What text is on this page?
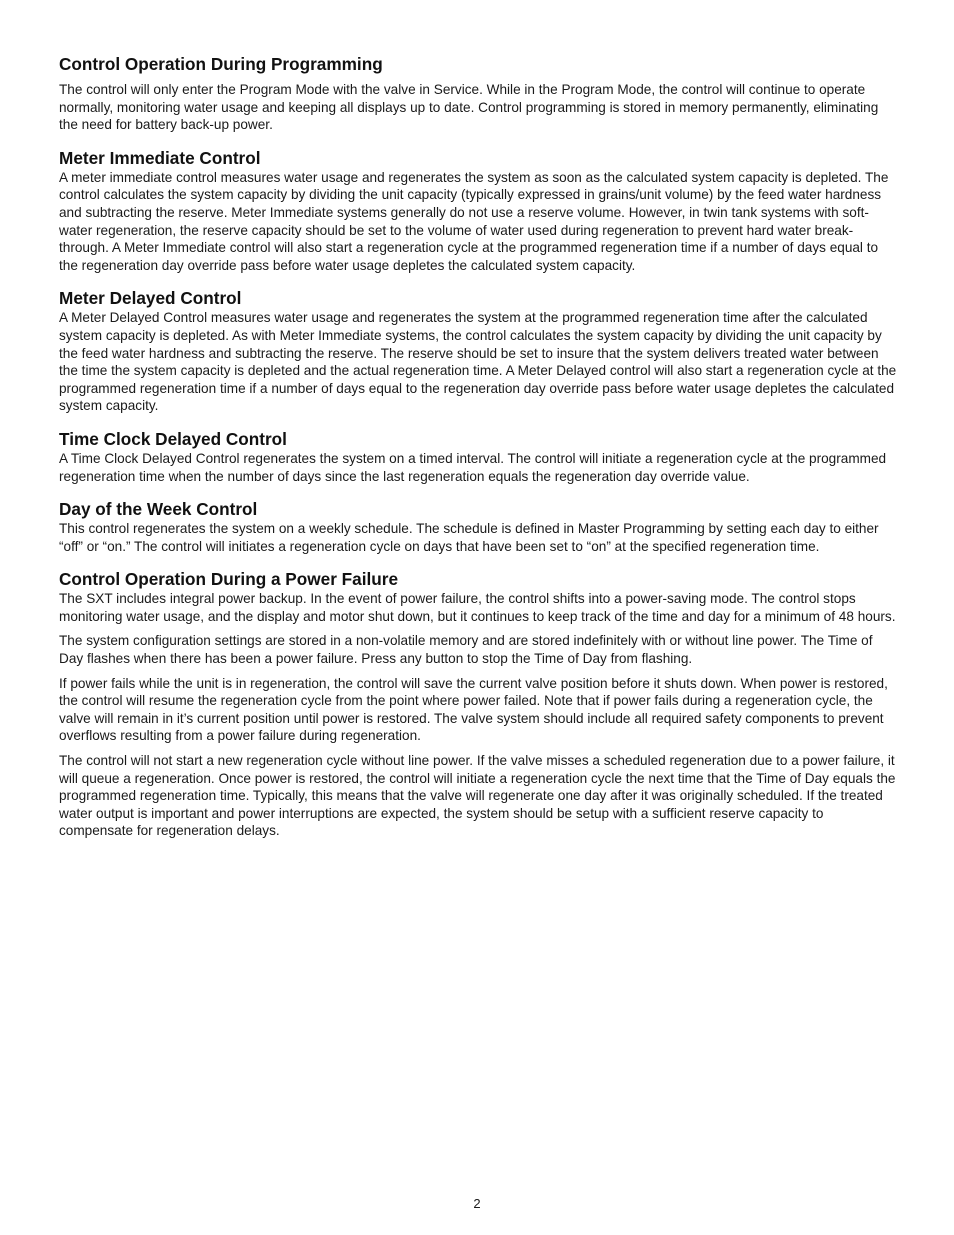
Control Operation During Programming

The control will only enter the Program Mode with the valve in Service. While in the Program Mode, the control will continue to operate normally, monitoring water usage and keeping all displays up to date. Control programming is stored in memory permanently, eliminating the need for battery back-up power.

Meter Immediate Control

A meter immediate control measures water usage and regenerates the system as soon as the calculated system capacity is depleted. The control calculates the system capacity by dividing the unit capacity (typically expressed in grains/unit volume) by the feed water hardness and subtracting the reserve. Meter Immediate systems generally do not use a reserve volume. However, in twin tank systems with soft-water regeneration, the reserve capacity should be set to the volume of water used during regeneration to prevent hard water break-through. A Meter Immediate control will also start a regeneration cycle at the programmed regeneration time if a number of days equal to the regeneration day override pass before water usage depletes the calculated system capacity.

Meter Delayed Control

A Meter Delayed Control measures water usage and regenerates the system at the programmed regeneration time after the calculated system capacity is depleted. As with Meter Immediate systems, the control calculates the system capacity by dividing the unit capacity by the feed water hardness and subtracting the reserve. The reserve should be set to insure that the system delivers treated water between the time the system capacity is depleted and the actual regeneration time. A Meter Delayed control will also start a regeneration cycle at the programmed regeneration time if a number of days equal to the regeneration day override pass before water usage depletes the calculated system capacity.

Time Clock Delayed Control

A Time Clock Delayed Control regenerates the system on a timed interval. The control will initiate a regeneration cycle at the programmed regeneration time when the number of days since the last regeneration equals the regeneration day override value.

Day of the Week Control

This control regenerates the system on a weekly schedule. The schedule is defined in Master Programming by setting each day to either “off” or “on.” The control will initiates a regeneration cycle on days that have been set to “on” at the specified regeneration time.

Control Operation During a Power Failure

The SXT includes integral power backup. In the event of power failure, the control shifts into a power-saving mode. The control stops monitoring water usage, and the display and motor shut down, but it continues to keep track of the time and day for a minimum of 48 hours.

The system configuration settings are stored in a non-volatile memory and are stored indefinitely with or without line power. The Time of Day flashes when there has been a power failure. Press any button to stop the Time of Day from flashing.

If power fails while the unit is in regeneration, the control will save the current valve position before it shuts down. When power is restored, the control will resume the regeneration cycle from the point where power failed. Note that if power fails during a regeneration cycle, the valve will remain in it’s current position until power is restored. The valve system should include all required safety components to prevent overflows resulting from a power failure during regeneration.

The control will not start a new regeneration cycle without line power. If the valve misses a scheduled regeneration due to a power failure, it will queue a regeneration. Once power is restored, the control will initiate a regeneration cycle the next time that the Time of Day equals the programmed regeneration time. Typically, this means that the valve will regenerate one day after it was originally scheduled. If the treated water output is important and power interruptions are expected, the system should be setup with a sufficient reserve capacity to compensate for regeneration delays.

2
